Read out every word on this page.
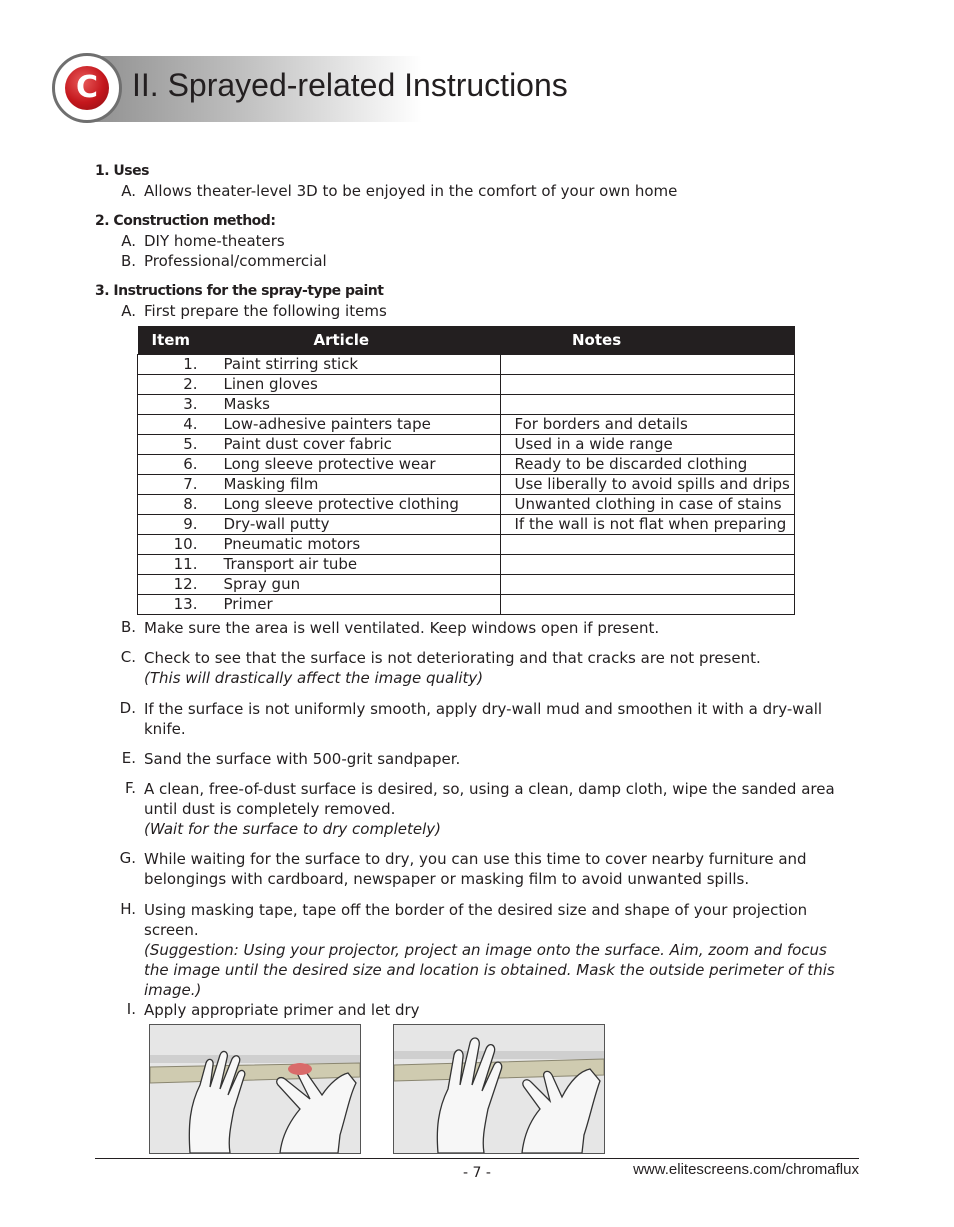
C	II. Sprayed-related Instructions
1. Uses
A. Allows theater-level 3D to be enjoyed in the comfort of your own home
2. Construction method:
A. DIY home-theaters
B. Professional/commercial
3. Instructions for the spray-type paint
A. First prepare the following items
Item	Article	Notes
1.	Paint stirring stick	
2.	Linen gloves	
3.	Masks	
4.	Low-adhesive painters tape	For borders and details
5.	Paint dust cover fabric	Used in a wide range
6.	Long sleeve protective wear	Ready to be discarded clothing
7.	Masking film	Use liberally to avoid spills and drips
8.	Long sleeve protective clothing	Unwanted clothing in case of stains
9.	Dry-wall putty	If the wall is not flat when preparing
10.	Pneumatic motors	
11.	Transport air tube	
12.	Spray gun	
13.	Primer	
B. Make sure the area is well ventilated. Keep windows open if present.
C. Check to see that the surface is not deteriorating and that cracks are not present.
(This will drastically affect the image quality)
D. If the surface is not uniformly smooth, apply dry-wall mud and smoothen it with a dry-wall knife.
E. Sand the surface with 500-grit sandpaper.
F. A clean, free-of-dust surface is desired, so, using a clean, damp cloth, wipe the sanded area until dust is completely removed.
(Wait for the surface to dry completely)
G. While waiting for the surface to dry, you can use this time to cover nearby furniture and belongings with cardboard, newspaper or masking film to avoid unwanted spills.
H. Using masking tape, tape off the border of the desired size and shape of your projection screen.
(Suggestion: Using your projector, project an image onto the surface. Aim, zoom and focus the image until the desired size and location is obtained. Mask the outside perimeter of this image.)
I. Apply appropriate primer and let dry
- 7 -	www.elitescreens.com/chromaflux
